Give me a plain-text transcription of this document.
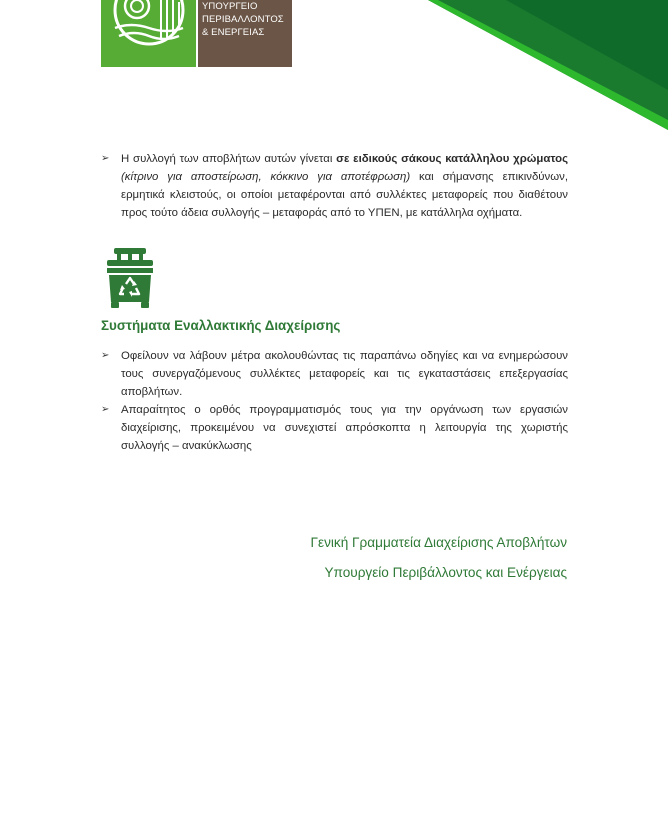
ΥΠΟΥΡΓΕΙΟ
ΠΕΡΙΒΑΛΛΟΝΤΟΣ
& ΕΝΕΡΓΕΙΑΣ
➢ Η συλλογή των αποβλήτων αυτών γίνεται σε ειδικούς σάκους κατάλληλου χρώματος (κίτρινο για αποστείρωση, κόκκινο για αποτέφρωση) και σήμανσης επικινδύνων, ερμητικά κλειστούς, οι οποίοι μεταφέρονται από συλλέκτες μεταφορείς που διαθέτουν προς τούτο άδεια συλλογής – μεταφοράς από το ΥΠΕΝ, με κατάλληλα οχήματα.
Συστήματα Εναλλακτικής Διαχείρισης
➢ Οφείλουν να λάβουν μέτρα ακολουθώντας τις παραπάνω οδηγίες και να ενημερώσουν τους συνεργαζόμενους συλλέκτες μεταφορείς και τις εγκαταστάσεις επεξεργασίας αποβλήτων.
➢ Απαραίτητος ο ορθός προγραμματισμός τους για την οργάνωση των εργασιών διαχείρισης, προκειμένου να συνεχιστεί απρόσκοπτα η λειτουργία της χωριστής συλλογής – ανακύκλωσης
Γενική Γραμματεία Διαχείρισης Αποβλήτων
Υπουργείο Περιβάλλοντος και Ενέργειας
